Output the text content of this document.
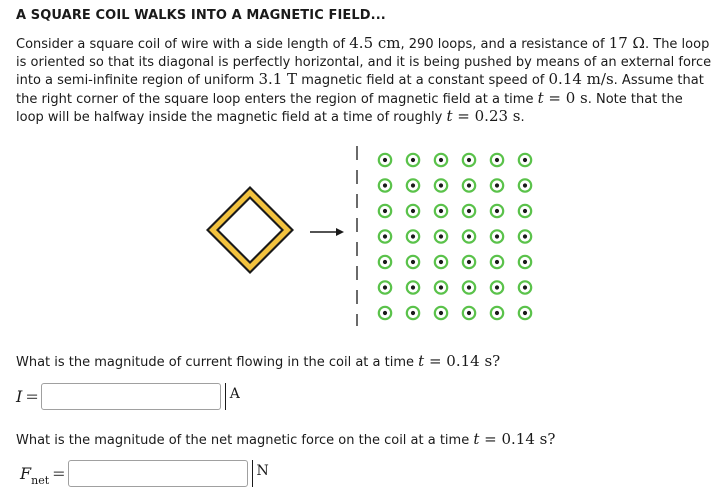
A SQUARE COIL WALKS INTO A MAGNETIC FIELD...
Consider a square coil of wire with a side length of 4.5 cm, 290 loops, and a resistance of 17 Ω. The loop is oriented so that its diagonal is perfectly horizontal, and it is being pushed by means of an external force into a semi-infinite region of uniform 3.1 T magnetic field at a constant speed of 0.14 m/s. Assume that the right corner of the square loop enters the region of magnetic field at a time t = 0 s. Note that the loop will be halfway inside the magnetic field at a time of roughly t = 0.23 s.
What is the magnitude of current flowing in the coil at a time t = 0.14 s?
I =	A
What is the magnitude of the net magnetic force on the coil at a time t = 0.14 s?
$F_{net}$ =	N
